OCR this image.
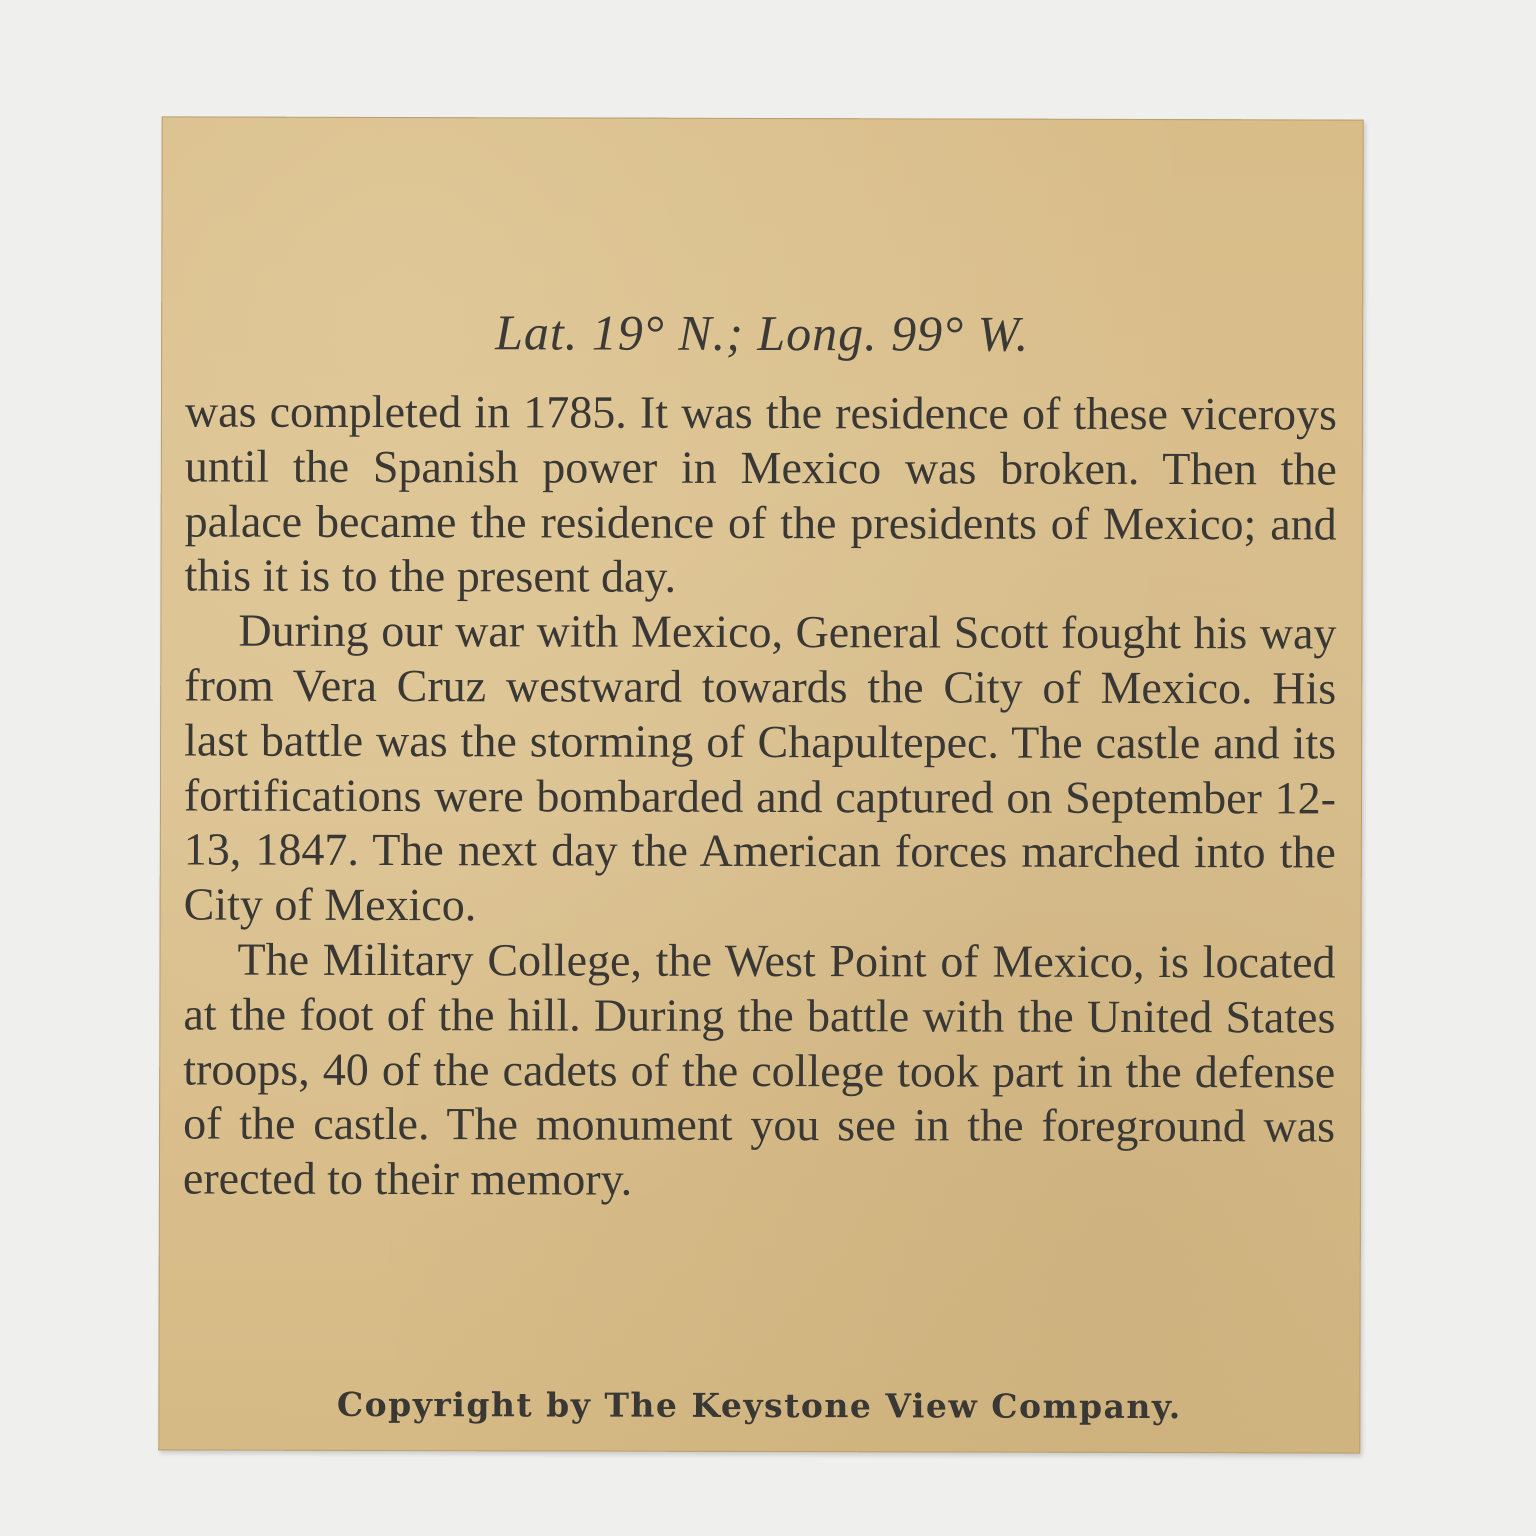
Lat. 19° N.; Long. 99° W.

was completed in 1785. It was the residence of these viceroys until the Spanish power in Mexico was broken. Then the palace became the residence of the presidents of Mexico; and this it is to the present day.

During our war with Mexico, General Scott fought his way from Vera Cruz westward towards the City of Mexico. His last battle was the storming of Chapultepec. The castle and its fortifications were bombarded and captured on September 12-13, 1847. The next day the American forces marched into the City of Mexico.

The Military College, the West Point of Mexico, is located at the foot of the hill. During the battle with the United States troops, 40 of the cadets of the college took part in the defense of the castle. The monument you see in the foreground was erected to their memory.

Copyright by The Keystone View Company.
